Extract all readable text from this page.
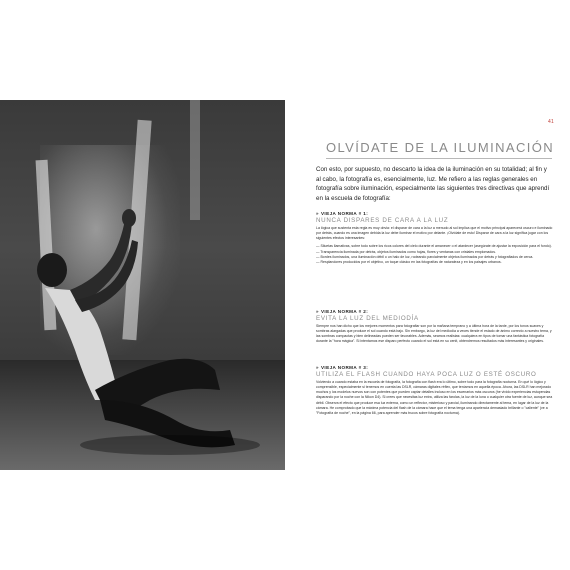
41
OLVÍDATE DE LA ILUMINACIÓN

Con esto, por supuesto, no descarto la idea de la iluminación en su totalidad; al fin y al cabo, la fotografía es, esencialmente, luz. Me refiero a las reglas generales en fotografía sobre iluminación, especialmente las siguientes tres directivas que aprendí en la escuela de fotografía:

» VIEJA NORMA # 1:
NUNCA DISPARES DE CARA A LA LUZ

La lógica que sustenta esta regla es muy obvia: el disparar de cara a la luz a menudo al sol implica que el motivo principal aparecerá oscuro e iluminado por detrás, cuando es una imagen debida la luz debe iluminar el motivo por delante. ¡Olvídate de esto! Disparar de cara a la luz significa jugar con los siguientes efectos interesantes:

— Siluetas llamativas, sobre todo sobre los ricos colores del cielo durante el amanecer o el atardecer (asegúrate de ajustar la exposición para el fondo).
— Transparencia iluminada por detrás, objetos iluminados como hojas, flores y ventanas con cristales emplomados.
— Bordes iluminados, una iluminación débil o un halo de luz, rodeando parcialmente objetos iluminados por detrás y fotografiados de cerca.
— Resplandores producidos por el objetivo, un toque clásico en las fotografías de naturaleza y en los paisajes urbanos.
» VIEJA NORMA # 2:
EVITA LA LUZ DEL MEDIODÍA

Siempre nos han dicho que los mejores momentos para fotografiar son por la mañana temprano y a última hora de la tarde, por los tonos suaves y sombras alargadas que produce el sol cuando está bajo. Sin embargo, la luz del mediodía a veces tiende el estado de ánimo correcto a nuestro tema, y las sombras compactas y bien delineadas pueden ser favorables. Además, seamos realistas: cualquiera en tipos de tomar una fantástica fotografía durante la "hora mágica". Si intentamos ese disparo perfecto cuando el sol está en su cenit, obtendremos resultados más interesantes y originales.

» VIEJA NORMA # 3:
UTILIZA EL FLASH CUANDO HAYA POCA LUZ O ESTÉ OSCURO

Volviendo a cuando estaba en la escuela de fotografía, la fotografía con flash era lo último, sobre todo para la fotografía nocturna. En qué lo lógico y comprensible, especialmente si tenemos en cuenta las DSLR, cámaras digitales réflex, que teníamos en aquella época. Ahora, las DSLR han mejorado muchos y los modelos nuevos son con potentes que pueden captar detalles incluso en los escenarios más oscuros (he vivido experiencias estupendas disparando por la noche con la Nikon D4). Si crees que necesitas luz extra, utiliza las farolas, la luz de la luna o cualquier otra fuente de luz, aunque sea débil. Observa el efecto que produce esa luz externa, como un reflector, misterioso y parcial, iluminando directamente al tema, en lugar de la luz de la cámara. He comprobado que la máxima potencia del flash de la cámara hace que el tema tenga una apariencia demasiado brillante o "caliente" (ve a "Fotografía de noche", en la página 66, para aprender más trucos sobre fotografía nocturna).
